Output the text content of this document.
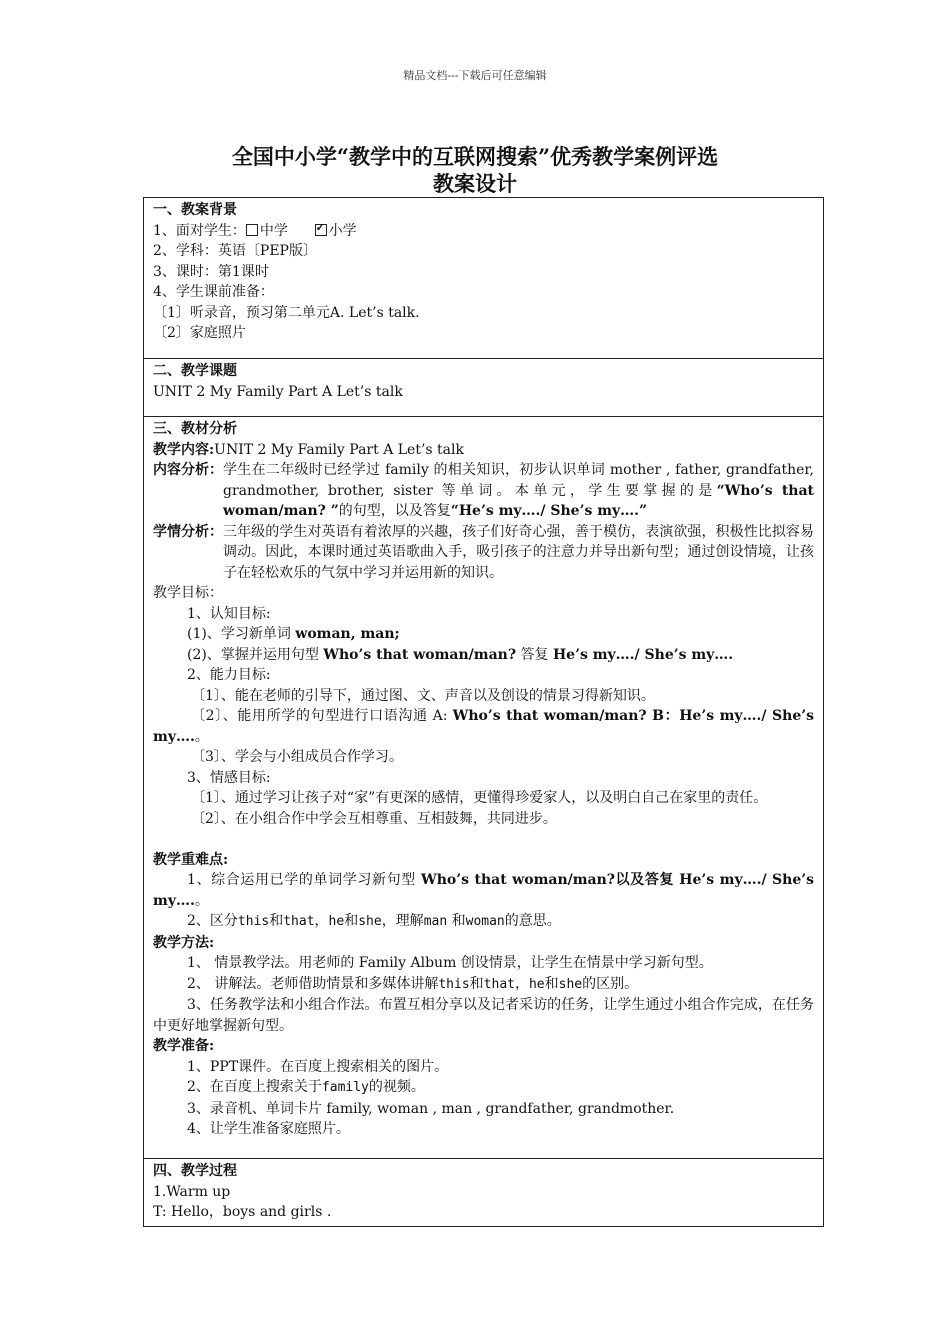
精品文档---下载后可任意编辑
全国中小学“教学中的互联网搜索”优秀教学案例评选
教案设计
一、教案背景
1、面对学生： 中学      ✓	小学
2、学科：英语〔PEP版〕
3、课时：第1课时
4、学生课前准备：
〔1〕听录音，预习第二单元A. Let’s talk.
〔2〕家庭照片
二、教学课题
UNIT 2 My Family Part A Let’s talk
三、教材分析
教学内容:UNIT 2 My Family Part A Let’s talk
内容分析： 学生在二年级时已经学过 family 的相关知识，初步认识单词 mother , father, grandfather, grandmother, brother, sister 等单词。本单元，学生要掌握的是“Who’s that woman/man? ”的句型，以及答复“He’s my…./ She’s my….”
学情分析： 三年级的学生对英语有着浓厚的兴趣，孩子们好奇心强，善于模仿，表演欲强，积极性比拟容易调动。因此，本课时通过英语歌曲入手，吸引孩子的注意力并导出新句型；通过创设情境，让孩子在轻松欢乐的气氛中学习并运用新的知识。
教学目标：
1、认知目标:
(1)、学习新单词 woman, man;
(2)、掌握并运用句型 Who’s that woman/man? 答复 He’s my…./ She’s my….
2、能力目标:
〔1〕、能在老师的引导下，通过图、文、声音以及创设的情景习得新知识。
〔2〕、能用所学的句型进行口语沟通 A: Who’s that woman/man? B：He’s my…./ She’s my….。
〔3〕、学会与小组成员合作学习。
3、情感目标:
〔1〕、通过学习让孩子对“家”有更深的感情，更懂得珍爱家人，以及明白自己在家里的责任。
〔2〕、在小组合作中学会互相尊重、互相鼓舞，共同进步。
教学重难点:
1、综合运用已学的单词学习新句型 Who’s that woman/man?以及答复 He’s my…./ She’s my….。
2、区分this和that，he和she，理解man 和woman的意思。
教学方法:
1、 情景教学法。用老师的 Family Album 创设情景，让学生在情景中学习新句型。
2、 讲解法。老师借助情景和多媒体讲解this和that，he和she的区别。
3、任务教学法和小组合作法。布置互相分享以及记者采访的任务，让学生通过小组合作完成，在任务中更好地掌握新句型。
教学准备:
1、PPT课件。在百度上搜索相关的图片。
2、在百度上搜索关于family的视频。
3、录音机、单词卡片 family, woman , man , grandfather, grandmother.
4、让学生准备家庭照片。
四、教学过程
1.Warm up
T: Hello，boys and girls .
